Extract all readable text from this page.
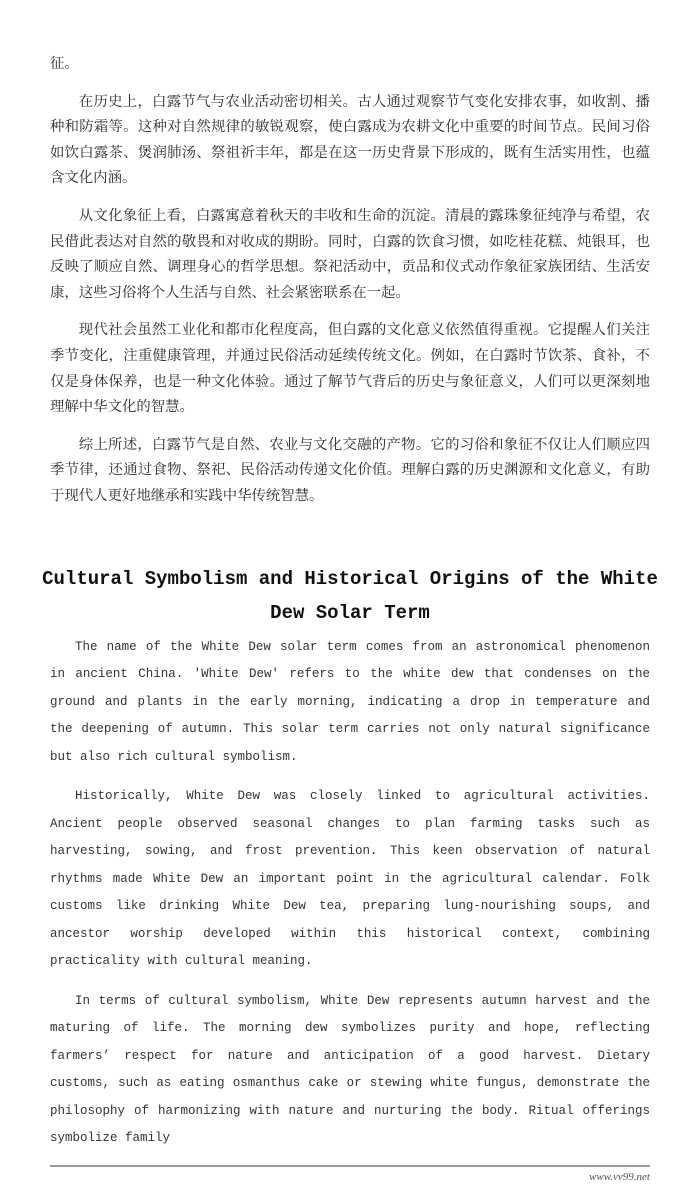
征。

在历史上，白露节气与农业活动密切相关。古人通过观察节气变化安排农事，如收割、播种和防霜等。这种对自然规律的敏锐观察，使白露成为农耕文化中重要的时间节点。民间习俗如饮白露茶、煲润肺汤、祭祖祈丰年，都是在这一历史背景下形成的，既有生活实用性，也蕴含文化内涵。

从文化象征上看，白露寓意着秋天的丰收和生命的沉淀。清晨的露珠象征纯净与希望，农民借此表达对自然的敬畏和对收成的期盼。同时，白露的饮食习惯，如吃桂花糕、炖银耳，也反映了顺应自然、调理身心的哲学思想。祭祀活动中，贡品和仪式动作象征家族团结、生活安康，这些习俗将个人生活与自然、社会紧密联系在一起。

现代社会虽然工业化和都市化程度高，但白露的文化意义依然值得重视。它提醒人们关注季节变化，注重健康管理，并通过民俗活动延续传统文化。例如，在白露时节饮茶、食补，不仅是身体保养，也是一种文化体验。通过了解节气背后的历史与象征意义，人们可以更深刻地理解中华文化的智慧。

综上所述，白露节气是自然、农业与文化交融的产物。它的习俗和象征不仅让人们顺应四季节律，还通过食物、祭祀、民俗活动传递文化价值。理解白露的历史渊源和文化意义，有助于现代人更好地继承和实践中华传统智慧。

Cultural Symbolism and Historical Origins of the White Dew Solar Term

The name of the White Dew solar term comes from an astronomical phenomenon in ancient China. 'White Dew' refers to the white dew that condenses on the ground and plants in the early morning, indicating a drop in temperature and the deepening of autumn. This solar term carries not only natural significance but also rich cultural symbolism.

Historically, White Dew was closely linked to agricultural activities. Ancient people observed seasonal changes to plan farming tasks such as harvesting, sowing, and frost prevention. This keen observation of natural rhythms made White Dew an important point in the agricultural calendar. Folk customs like drinking White Dew tea, preparing lung-nourishing soups, and ancestor worship developed within this historical context, combining practicality with cultural meaning.

In terms of cultural symbolism, White Dew represents autumn harvest and the maturing of life. The morning dew symbolizes purity and hope, reflecting farmers’ respect for nature and anticipation of a good harvest. Dietary customs, such as eating osmanthus cake or stewing white fungus, demonstrate the philosophy of harmonizing with nature and nurturing the body. Ritual offerings symbolize family

www.vv99.net
